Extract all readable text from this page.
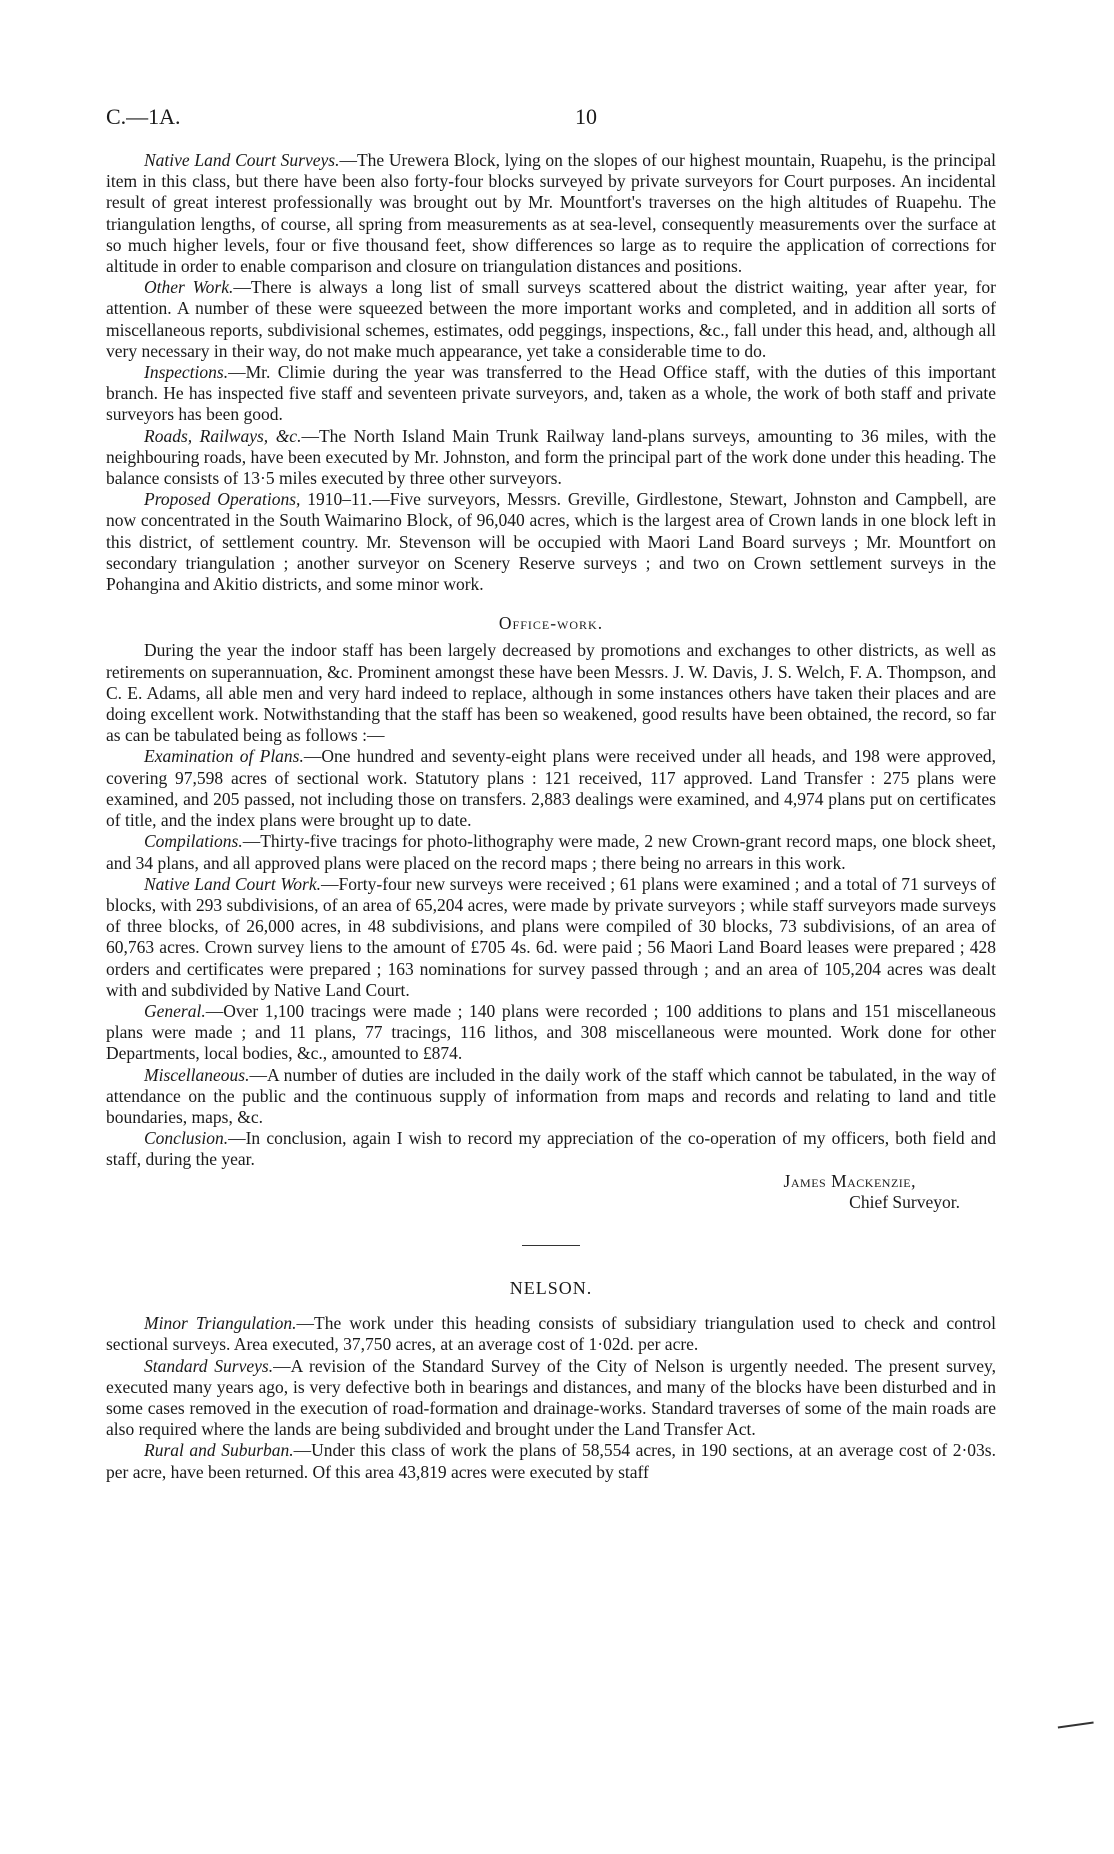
C.—1A.	10

Native Land Court Surveys.—The Urewera Block, lying on the slopes of our highest mountain, Ruapehu, is the principal item in this class, but there have been also forty-four blocks surveyed by private surveyors for Court purposes. An incidental result of great interest professionally was brought out by Mr. Mountfort's traverses on the high altitudes of Ruapehu. The triangulation lengths, of course, all spring from measurements as at sea-level, consequently measurements over the surface at so much higher levels, four or five thousand feet, show differences so large as to require the application of corrections for altitude in order to enable comparison and closure on triangulation distances and positions.

Other Work.—There is always a long list of small surveys scattered about the district waiting, year after year, for attention. A number of these were squeezed between the more important works and completed, and in addition all sorts of miscellaneous reports, subdivisional schemes, estimates, odd peggings, inspections, &c., fall under this head, and, although all very necessary in their way, do not make much appearance, yet take a considerable time to do.

Inspections.—Mr. Climie during the year was transferred to the Head Office staff, with the duties of this important branch. He has inspected five staff and seventeen private surveyors, and, taken as a whole, the work of both staff and private surveyors has been good.

Roads, Railways, &c.—The North Island Main Trunk Railway land-plans surveys, amounting to 36 miles, with the neighbouring roads, have been executed by Mr. Johnston, and form the principal part of the work done under this heading. The balance consists of 13·5 miles executed by three other surveyors.

Proposed Operations, 1910–11.—Five surveyors, Messrs. Greville, Girdlestone, Stewart, Johnston and Campbell, are now concentrated in the South Waimarino Block, of 96,040 acres, which is the largest area of Crown lands in one block left in this district, of settlement country. Mr. Stevenson will be occupied with Maori Land Board surveys ; Mr. Mountfort on secondary triangulation ; another surveyor on Scenery Reserve surveys ; and two on Crown settlement surveys in the Pohangina and Akitio districts, and some minor work.

Office-work.

During the year the indoor staff has been largely decreased by promotions and exchanges to other districts, as well as retirements on superannuation, &c. Prominent amongst these have been Messrs. J. W. Davis, J. S. Welch, F. A. Thompson, and C. E. Adams, all able men and very hard indeed to replace, although in some instances others have taken their places and are doing excellent work. Notwithstanding that the staff has been so weakened, good results have been obtained, the record, so far as can be tabulated being as follows :—

Examination of Plans.—One hundred and seventy-eight plans were received under all heads, and 198 were approved, covering 97,598 acres of sectional work. Statutory plans : 121 received, 117 approved. Land Transfer : 275 plans were examined, and 205 passed, not including those on transfers. 2,883 dealings were examined, and 4,974 plans put on certificates of title, and the index plans were brought up to date.

Compilations.—Thirty-five tracings for photo-lithography were made, 2 new Crown-grant record maps, one block sheet, and 34 plans, and all approved plans were placed on the record maps ; there being no arrears in this work.

Native Land Court Work.—Forty-four new surveys were received ; 61 plans were examined ; and a total of 71 surveys of blocks, with 293 subdivisions, of an area of 65,204 acres, were made by private surveyors ; while staff surveyors made surveys of three blocks, of 26,000 acres, in 48 subdivisions, and plans were compiled of 30 blocks, 73 subdivisions, of an area of 60,763 acres. Crown survey liens to the amount of £705 4s. 6d. were paid ; 56 Maori Land Board leases were prepared ; 428 orders and certificates were prepared ; 163 nominations for survey passed through ; and an area of 105,204 acres was dealt with and subdivided by Native Land Court.

General.—Over 1,100 tracings were made ; 140 plans were recorded ; 100 additions to plans and 151 miscellaneous plans were made ; and 11 plans, 77 tracings, 116 lithos, and 308 miscellaneous were mounted. Work done for other Departments, local bodies, &c., amounted to £874.

Miscellaneous.—A number of duties are included in the daily work of the staff which cannot be tabulated, in the way of attendance on the public and the continuous supply of information from maps and records and relating to land and title boundaries, maps, &c.

Conclusion.—In conclusion, again I wish to record my appreciation of the co-operation of my officers, both field and staff, during the year.

James Mackenzie,

Chief Surveyor.

NELSON.

Minor Triangulation.—The work under this heading consists of subsidiary triangulation used to check and control sectional surveys. Area executed, 37,750 acres, at an average cost of 1·02d. per acre.

Standard Surveys.—A revision of the Standard Survey of the City of Nelson is urgently needed. The present survey, executed many years ago, is very defective both in bearings and distances, and many of the blocks have been disturbed and in some cases removed in the execution of road-formation and drainage-works. Standard traverses of some of the main roads are also required where the lands are being subdivided and brought under the Land Transfer Act.

Rural and Suburban.—Under this class of work the plans of 58,554 acres, in 190 sections, at an average cost of 2·03s. per acre, have been returned. Of this area 43,819 acres were executed by staff
